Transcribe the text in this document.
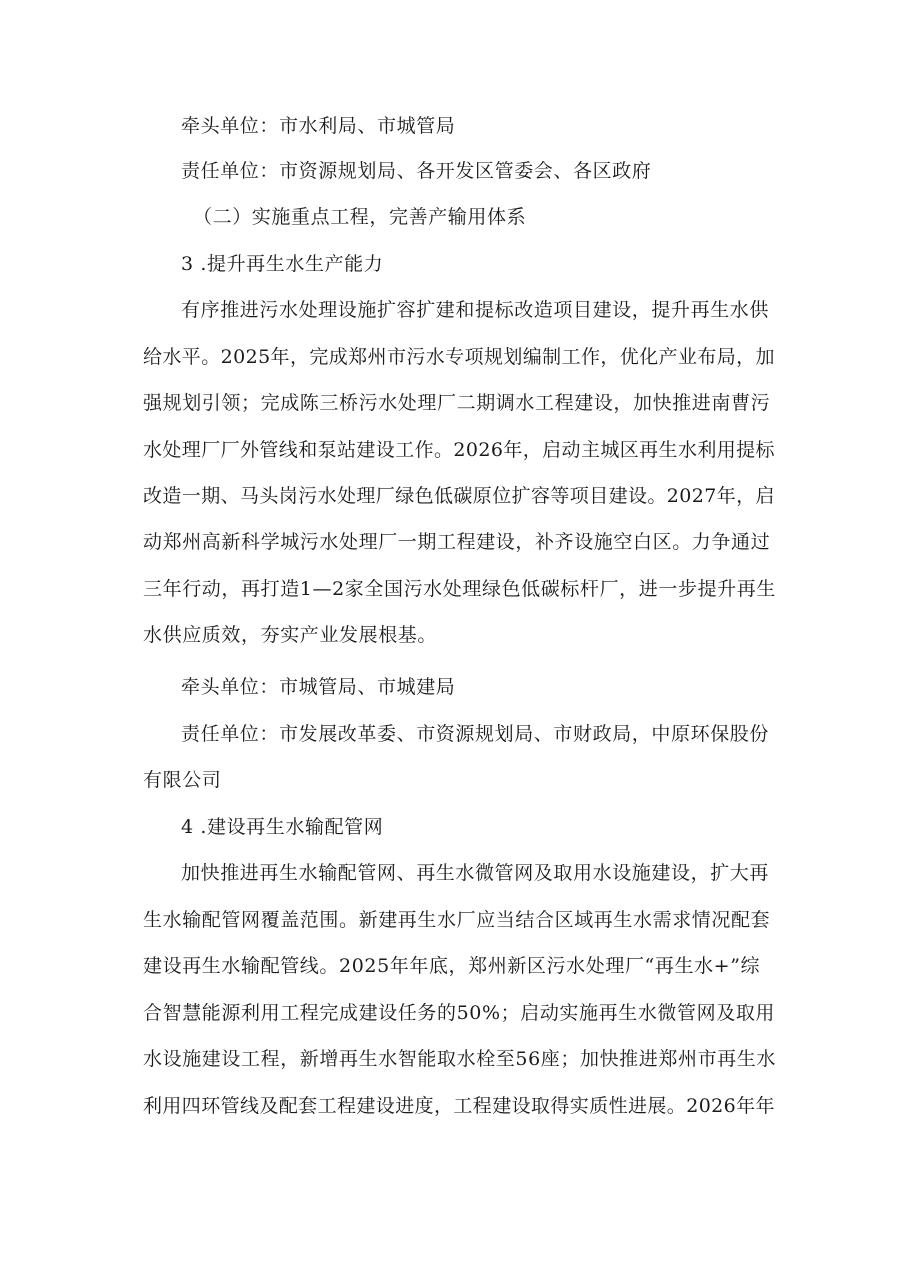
牵头单位：市水利局、市城管局
责任单位：市资源规划局、各开发区管委会、各区政府
（二）实施重点工程，完善产输用体系
3 .提升再生水生产能力
有序推进污水处理设施扩容扩建和提标改造项目建设，提升再生水供
给水平。2025年，完成郑州市污水专项规划编制工作，优化产业布局，加
强规划引领；完成陈三桥污水处理厂二期调水工程建设，加快推进南曹污
水处理厂厂外管线和泵站建设工作。2026年，启动主城区再生水利用提标
改造一期、马头岗污水处理厂绿色低碳原位扩容等项目建设。2027年，启
动郑州高新科学城污水处理厂一期工程建设，补齐设施空白区。力争通过
三年行动，再打造1—2家全国污水处理绿色低碳标杆厂，进一步提升再生
水供应质效，夯实产业发展根基。
牵头单位：市城管局、市城建局
责任单位：市发展改革委、市资源规划局、市财政局，中原环保股份
有限公司
4 .建设再生水输配管网
加快推进再生水输配管网、再生水微管网及取用水设施建设，扩大再
生水输配管网覆盖范围。新建再生水厂应当结合区域再生水需求情况配套
建设再生水输配管线。2025年年底，郑州新区污水处理厂“再生水+”综
合智慧能源利用工程完成建设任务的50%；启动实施再生水微管网及取用
水设施建设工程，新增再生水智能取水栓至56座；加快推进郑州市再生水
利用四环管线及配套工程建设进度，工程建设取得实质性进展。2026年年
